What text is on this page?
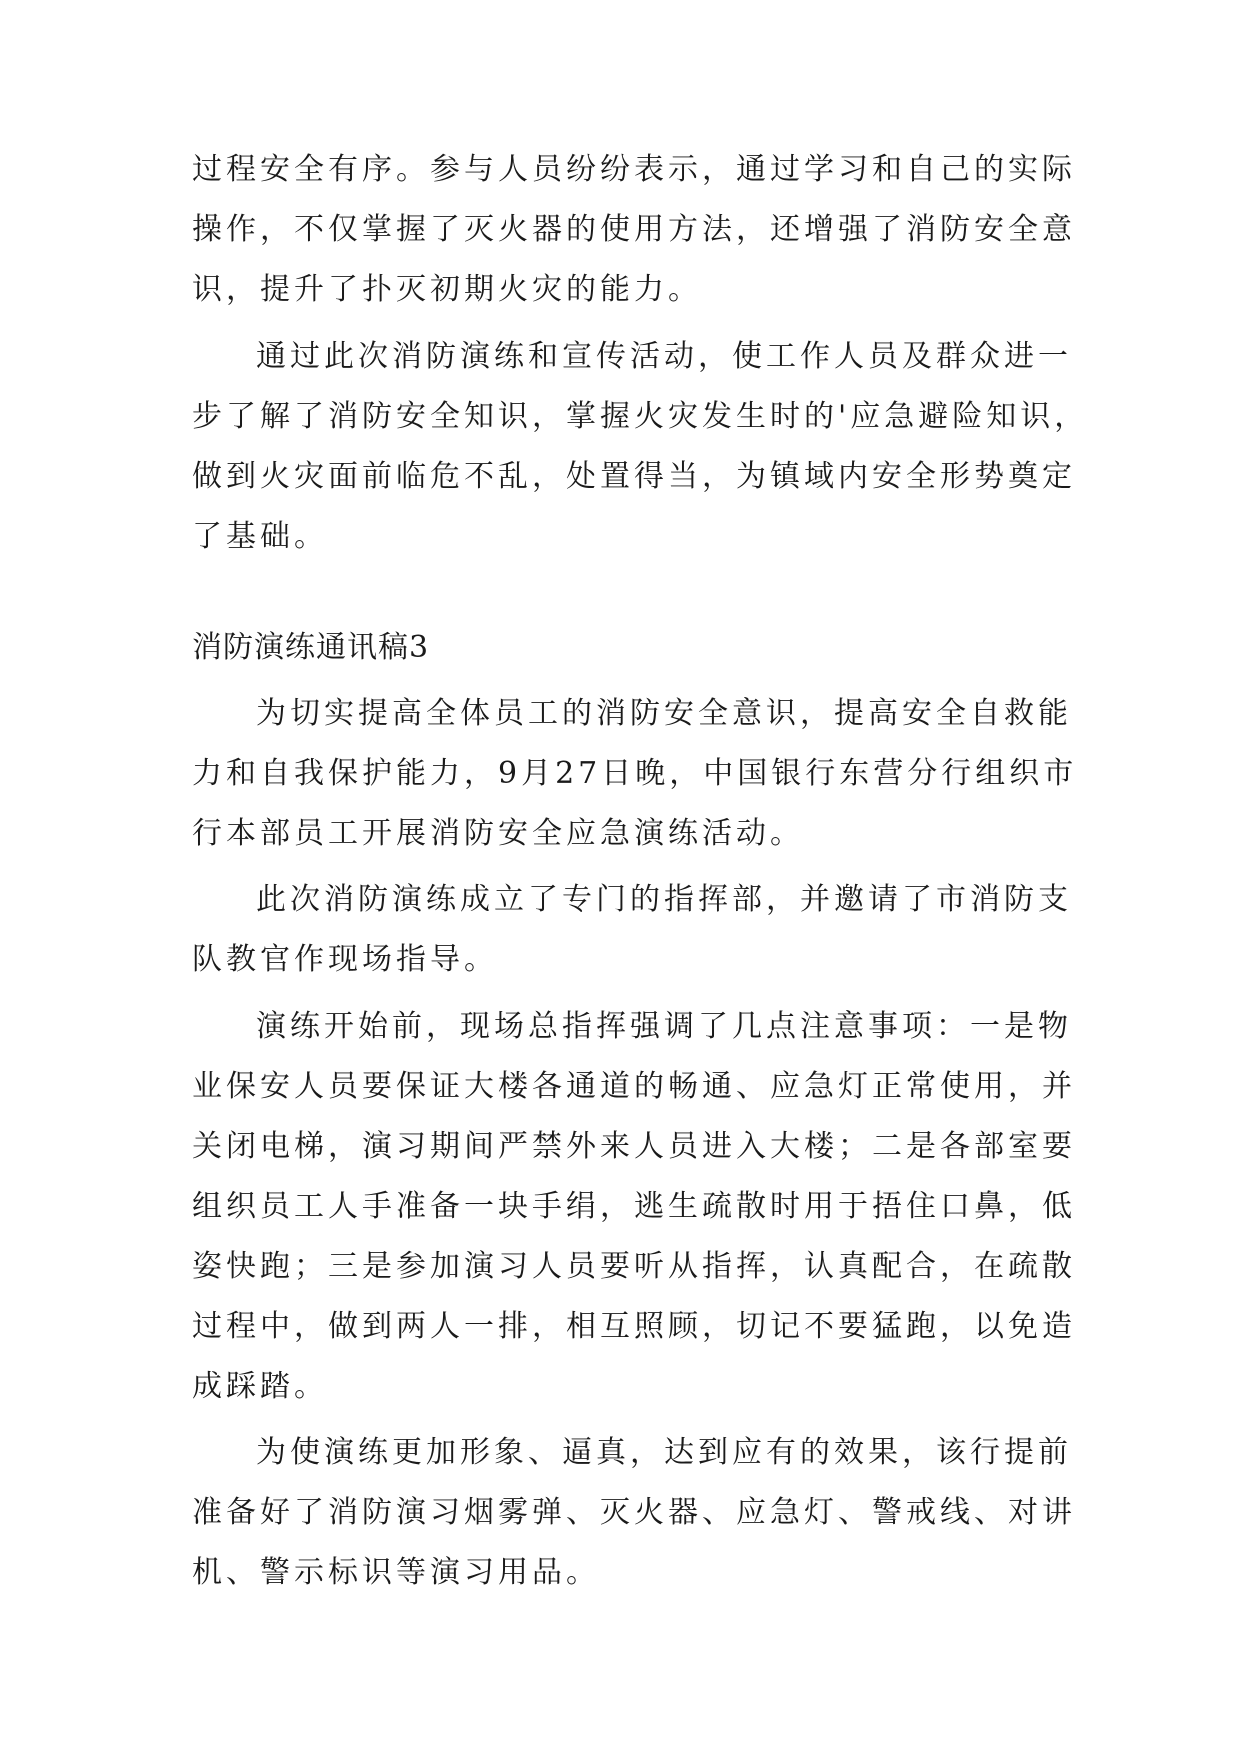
过程安全有序。参与人员纷纷表示，通过学习和自己的实际
操作，不仅掌握了灭火器的使用方法，还增强了消防安全意
识，提升了扑灭初期火灾的能力。
通过此次消防演练和宣传活动，使工作人员及群众进一
步了解了消防安全知识，掌握火灾发生时的'应急避险知识，
做到火灾面前临危不乱，处置得当，为镇域内安全形势奠定
了基础。
消防演练通讯稿3
为切实提高全体员工的消防安全意识，提高安全自救能
力和自我保护能力，9月27日晚，中国银行东营分行组织市
行本部员工开展消防安全应急演练活动。
此次消防演练成立了专门的指挥部，并邀请了市消防支
队教官作现场指导。
演练开始前，现场总指挥强调了几点注意事项：一是物
业保安人员要保证大楼各通道的畅通、应急灯正常使用，并
关闭电梯，演习期间严禁外来人员进入大楼；二是各部室要
组织员工人手准备一块手绢，逃生疏散时用于捂住口鼻，低
姿快跑；三是参加演习人员要听从指挥，认真配合，在疏散
过程中，做到两人一排，相互照顾，切记不要猛跑，以免造
成踩踏。
为使演练更加形象、逼真，达到应有的效果，该行提前
准备好了消防演习烟雾弹、灭火器、应急灯、警戒线、对讲
机、警示标识等演习用品。
